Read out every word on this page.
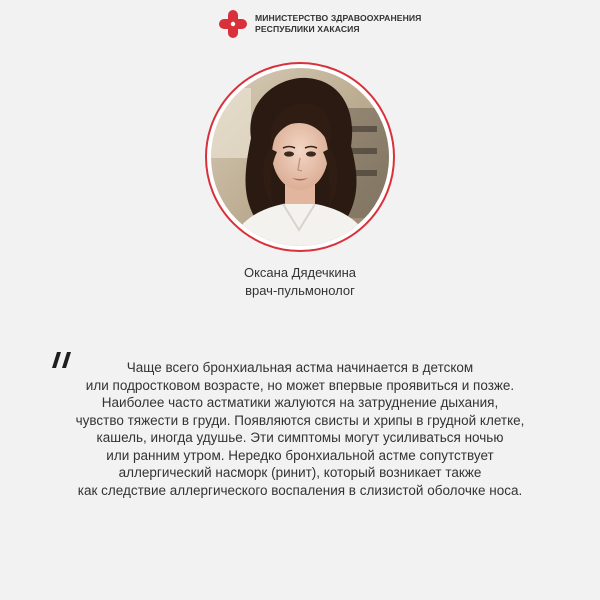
МИНИСТЕРСТВО ЗДРАВООХРАНЕНИЯ
РЕСПУБЛИКИ ХАКАСИЯ
Оксана Дядечкина
врач-пульмонолог
Чаще всего бронхиальная астма начинается в детском
или подростковом возрасте, но может впервые проявиться и позже.
Наиболее часто астматики жалуются на затруднение дыхания,
чувство тяжести в груди. Появляются свисты и хрипы в грудной клетке,
кашель, иногда удушье. Эти симптомы могут усиливаться ночью
или ранним утром. Нередко бронхиальной астме сопутствует
аллергический насморк (ринит), который возникает также
как следствие аллергического воспаления в слизистой оболочке носа.
